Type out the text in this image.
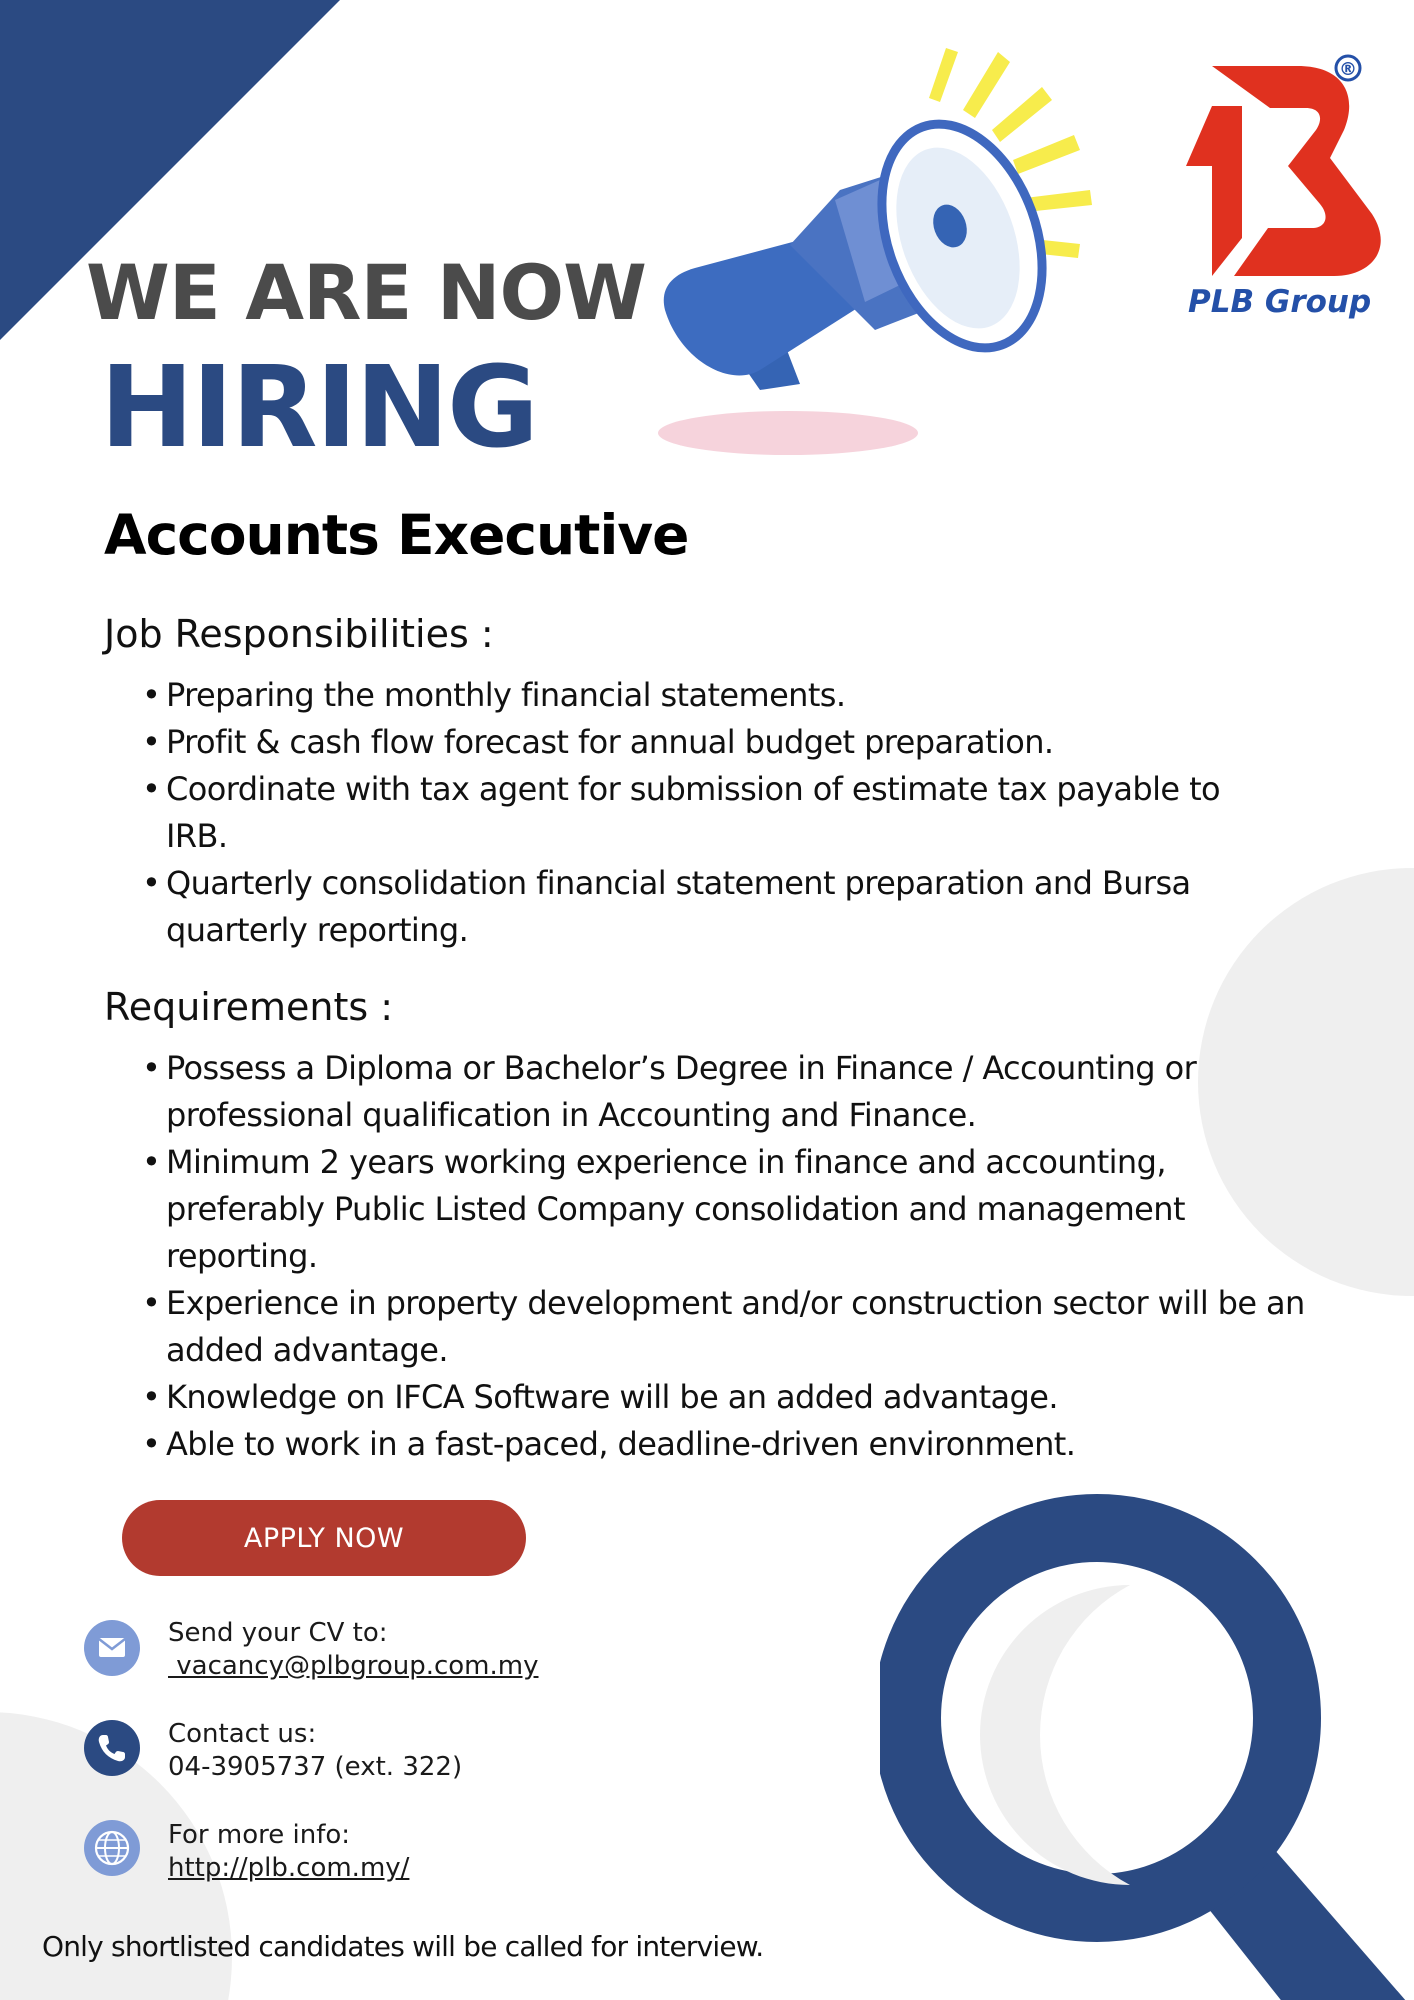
®
PLB Group
WE ARE NOW
HIRING
Accounts Executive
Job Responsibilities :
• Preparing the monthly financial statements.
• Profit & cash flow forecast for annual budget preparation.
• Coordinate with tax agent for submission of estimate tax payable to IRB.
• Quarterly consolidation financial statement preparation and Bursa quarterly reporting.
Requirements :
• Possess a Diploma or Bachelor’s Degree in Finance / Accounting or professional qualification in Accounting and Finance.
• Minimum 2 years working experience in finance and accounting, preferably Public Listed Company consolidation and management reporting.
• Experience in property development and/or construction sector will be an added advantage.
• Knowledge on IFCA Software will be an added advantage.
• Able to work in a fast-paced, deadline-driven environment.
APPLY NOW
Send your CV to:
vacancy@plbgroup.com.my
Contact us:
04-3905737 (ext. 322)
For more info:
http://plb.com.my/

Only shortlisted candidates will be called for interview.
